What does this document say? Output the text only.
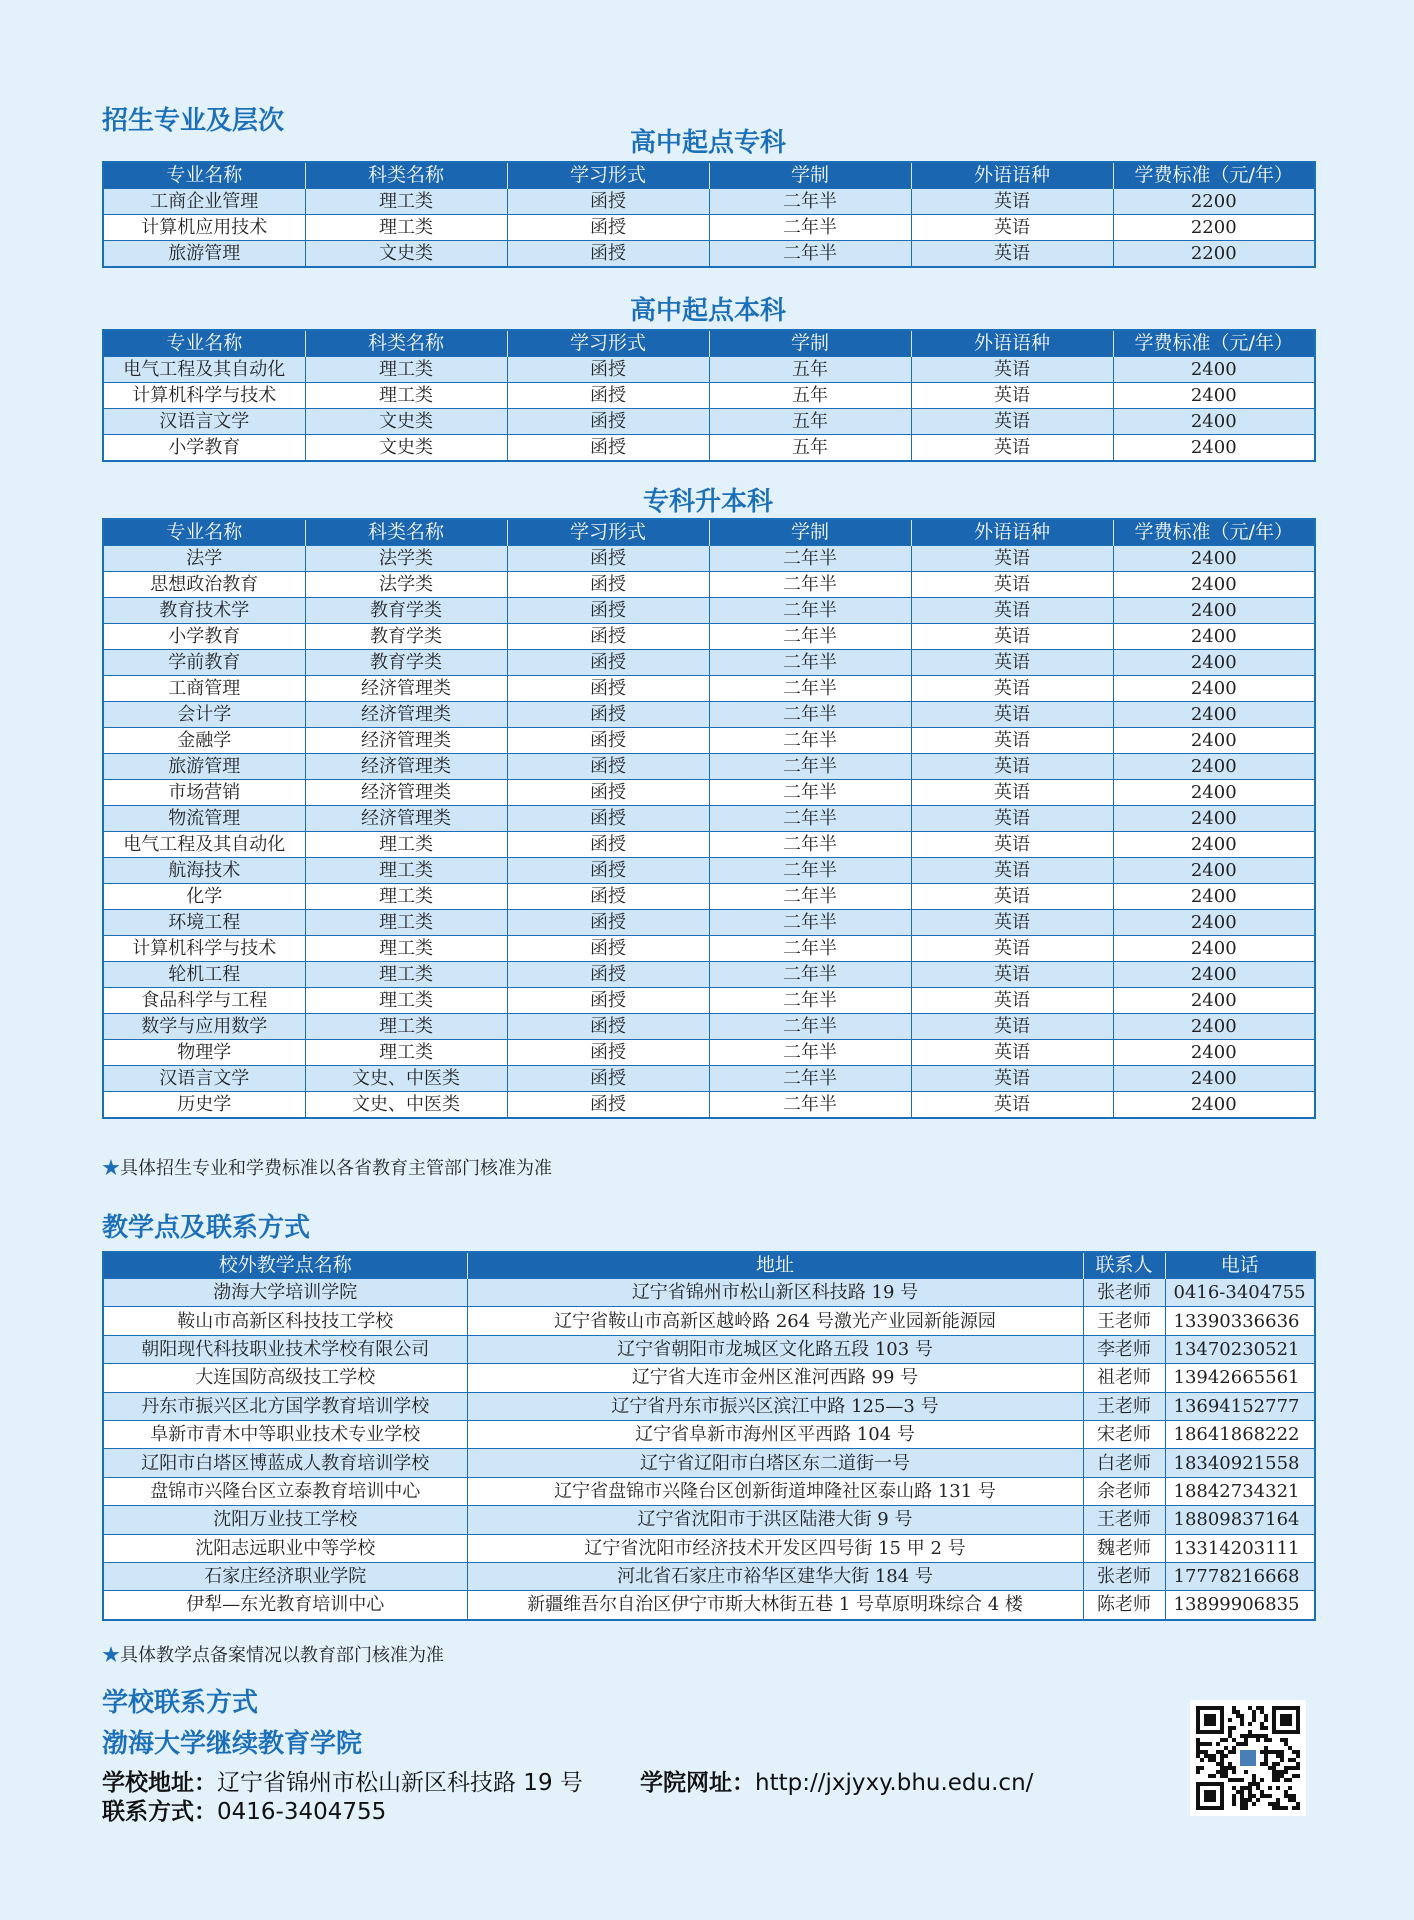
招生专业及层次
高中起点专科
专业名称	科类名称	学习形式	学制	外语语种	学费标准（元/年）
工商企业管理	理工类	函授	二年半	英语	2200
计算机应用技术	理工类	函授	二年半	英语	2200
旅游管理	文史类	函授	二年半	英语	2200
高中起点本科
专业名称	科类名称	学习形式	学制	外语语种	学费标准（元/年）
电气工程及其自动化	理工类	函授	五年	英语	2400
计算机科学与技术	理工类	函授	五年	英语	2400
汉语言文学	文史类	函授	五年	英语	2400
小学教育	文史类	函授	五年	英语	2400
专科升本科
专业名称	科类名称	学习形式	学制	外语语种	学费标准（元/年）
法学	法学类	函授	二年半	英语	2400
思想政治教育	法学类	函授	二年半	英语	2400
教育技术学	教育学类	函授	二年半	英语	2400
小学教育	教育学类	函授	二年半	英语	2400
学前教育	教育学类	函授	二年半	英语	2400
工商管理	经济管理类	函授	二年半	英语	2400
会计学	经济管理类	函授	二年半	英语	2400
金融学	经济管理类	函授	二年半	英语	2400
旅游管理	经济管理类	函授	二年半	英语	2400
市场营销	经济管理类	函授	二年半	英语	2400
物流管理	经济管理类	函授	二年半	英语	2400
电气工程及其自动化	理工类	函授	二年半	英语	2400
航海技术	理工类	函授	二年半	英语	2400
化学	理工类	函授	二年半	英语	2400
环境工程	理工类	函授	二年半	英语	2400
计算机科学与技术	理工类	函授	二年半	英语	2400
轮机工程	理工类	函授	二年半	英语	2400
食品科学与工程	理工类	函授	二年半	英语	2400
数学与应用数学	理工类	函授	二年半	英语	2400
物理学	理工类	函授	二年半	英语	2400
汉语言文学	文史、中医类	函授	二年半	英语	2400
历史学	文史、中医类	函授	二年半	英语	2400
★具体招生专业和学费标准以各省教育主管部门核准为准
教学点及联系方式
校外教学点名称	地址	联系人	电话
渤海大学培训学院	辽宁省锦州市松山新区科技路 19 号	张老师	0416-3404755
鞍山市高新区科技技工学校	辽宁省鞍山市高新区越岭路 264 号激光产业园新能源园	王老师	13390336636
朝阳现代科技职业技术学校有限公司	辽宁省朝阳市龙城区文化路五段 103 号	李老师	13470230521
大连国防高级技工学校	辽宁省大连市金州区淮河西路 99 号	祖老师	13942665561
丹东市振兴区北方国学教育培训学校	辽宁省丹东市振兴区滨江中路 125—3 号	王老师	13694152777
阜新市青木中等职业技术专业学校	辽宁省阜新市海州区平西路 104 号	宋老师	18641868222
辽阳市白塔区博蓝成人教育培训学校	辽宁省辽阳市白塔区东二道街一号	白老师	18340921558
盘锦市兴隆台区立泰教育培训中心	辽宁省盘锦市兴隆台区创新街道坤隆社区泰山路 131 号	余老师	18842734321
沈阳万业技工学校	辽宁省沈阳市于洪区陆港大街 9 号	王老师	18809837164
沈阳志远职业中等学校	辽宁省沈阳市经济技术开发区四号街 15 甲 2 号	魏老师	13314203111
石家庄经济职业学院	河北省石家庄市裕华区建华大街 184 号	张老师	17778216668
伊犁—东光教育培训中心	新疆维吾尔自治区伊宁市斯大林街五巷 1 号草原明珠综合 4 楼	陈老师	13899906835
★具体教学点备案情况以教育部门核准为准
学校联系方式
渤海大学继续教育学院
学校地址：辽宁省锦州市松山新区科技路 19 号 学院网址：http://jxjyxy.bhu.edu.cn/
联系方式：0416-3404755
